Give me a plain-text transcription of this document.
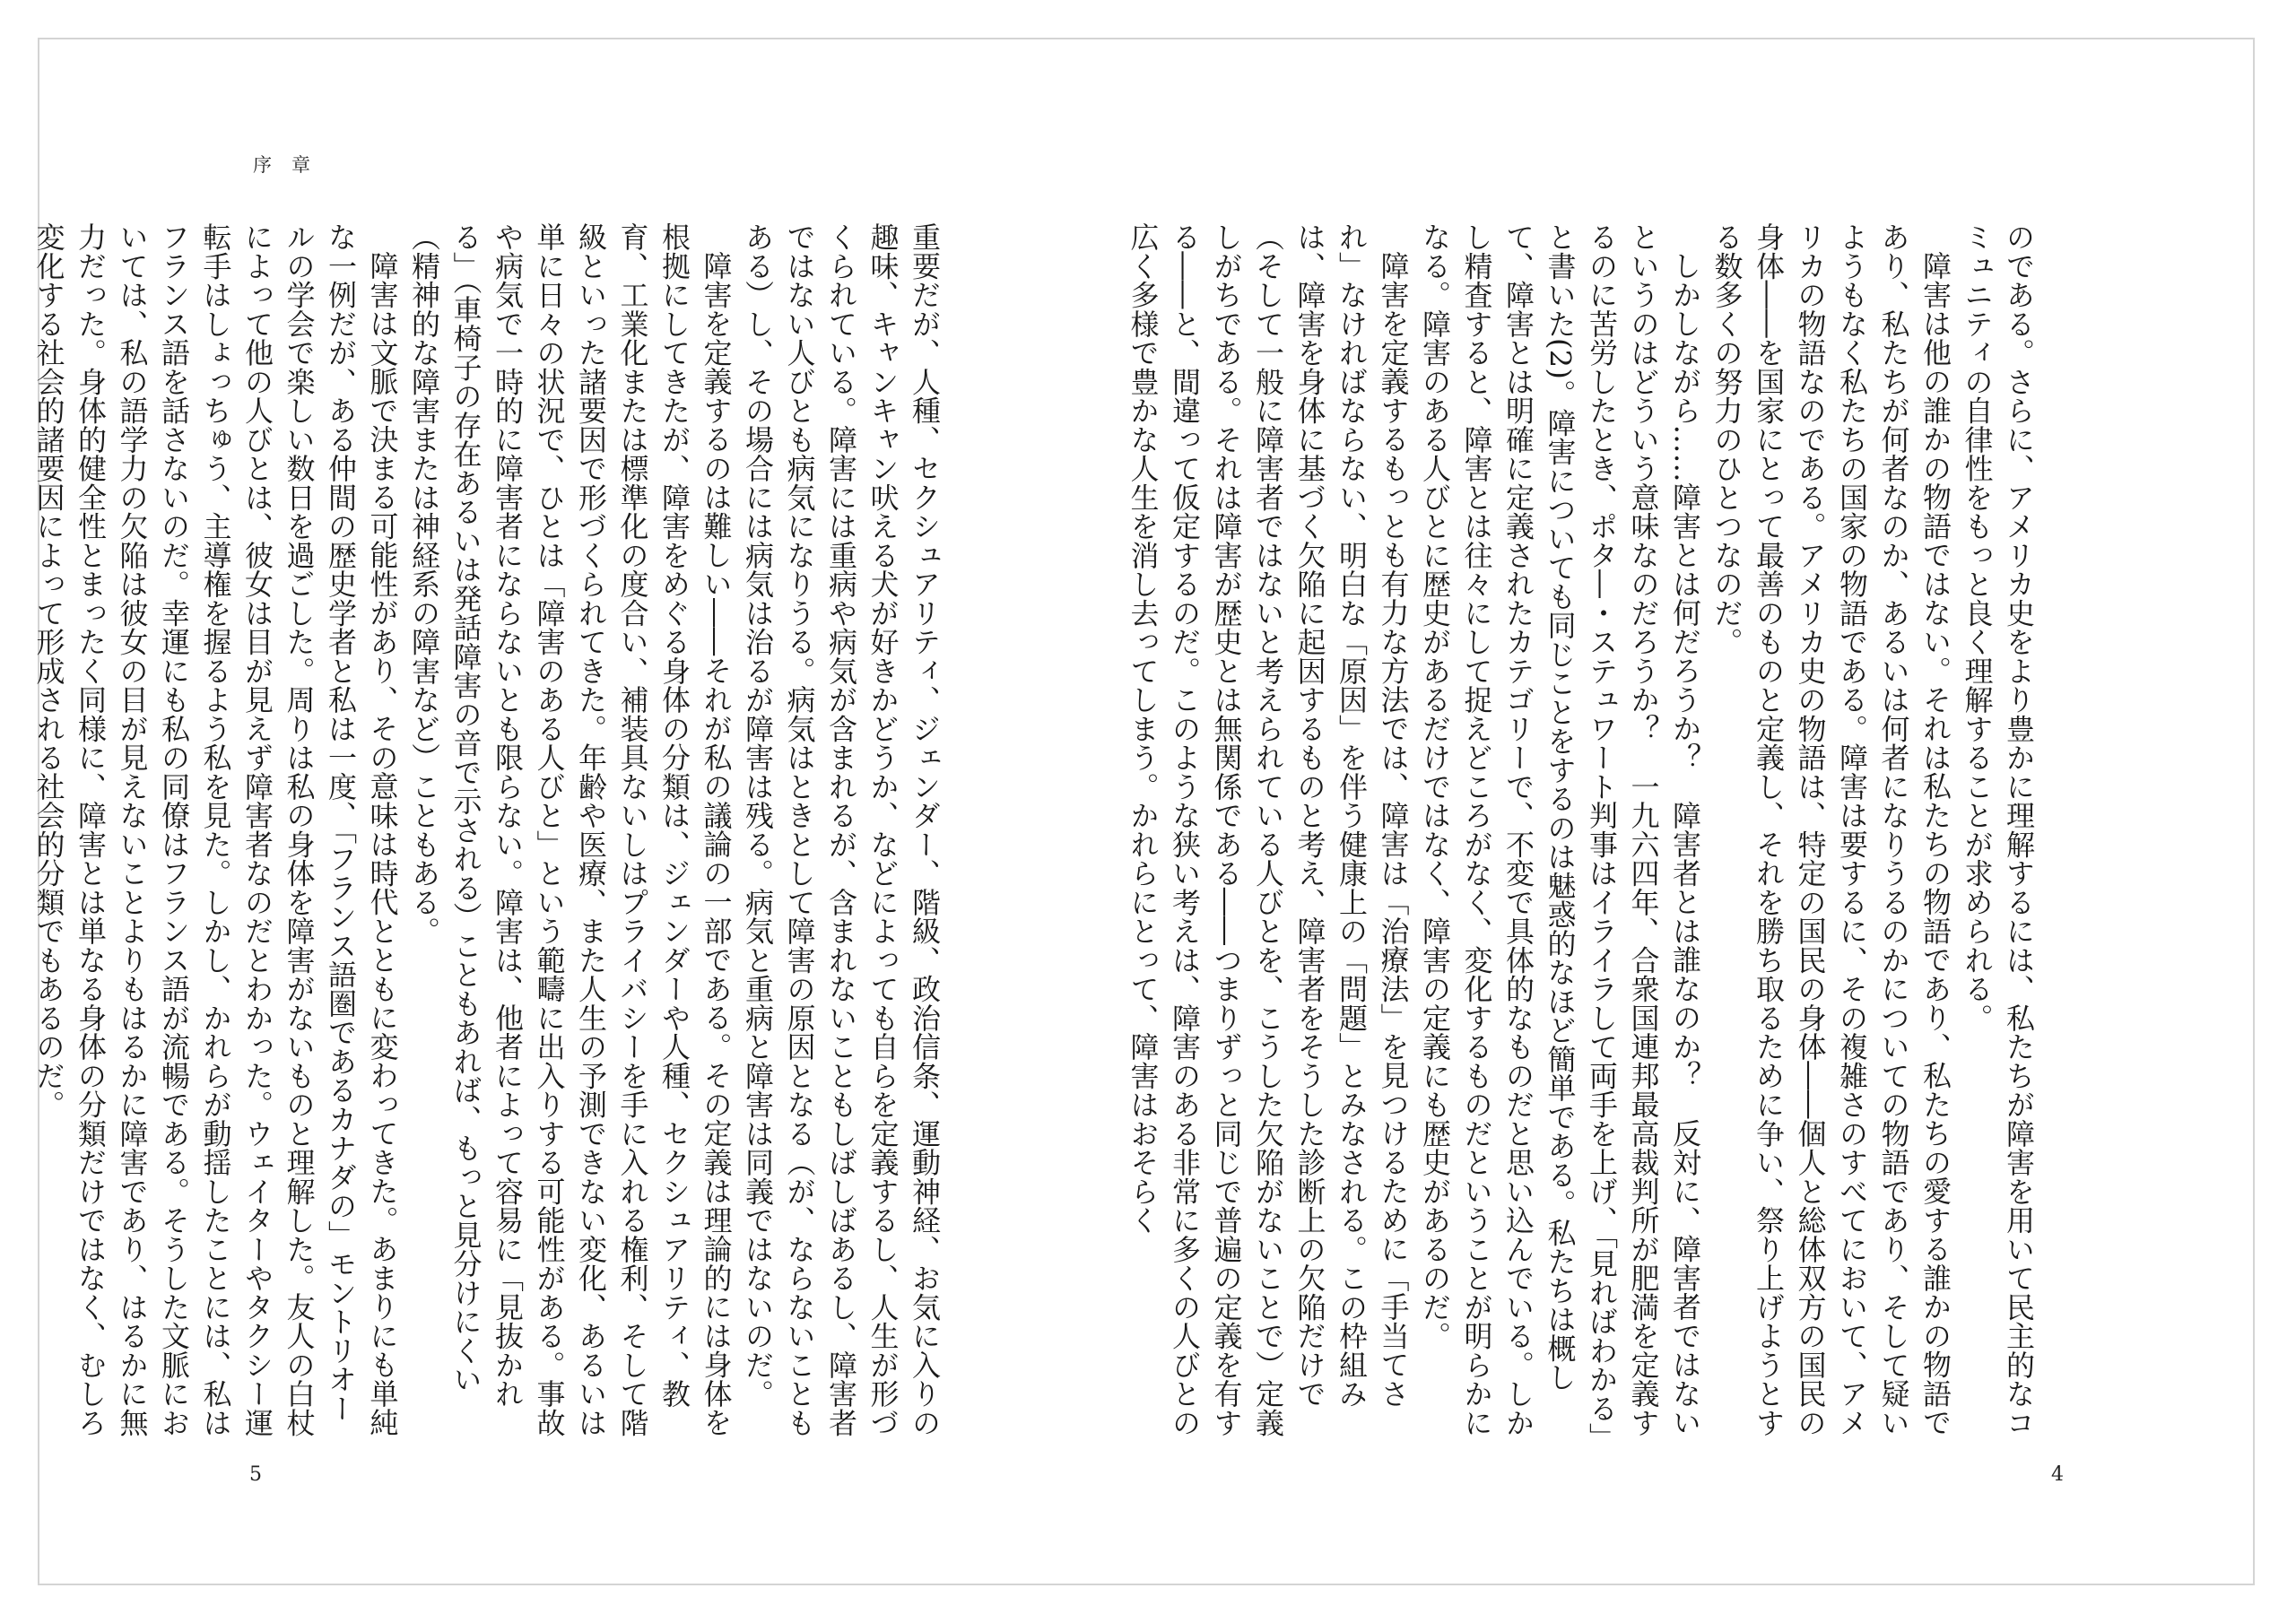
序章

重要だが、人種、セクシュアリティ、ジェンダー、階級、政治信条、運動神経、お気に入りの趣味、キャンキャン吠える犬が好きかどうか、などによっても自らを定義するし、人生が形づくられている。障害には重病や病気が含まれるが、含まれないこともしばしばあるし、障害者ではない人びとも病気になりうる。病気はときとして障害の原因となる（が、ならないこともある）し、その場合には病気は治るが障害は残る。病気と重病と障害は同義ではないのだ。

障害を定義するのは難しい――それが私の議論の一部である。その定義は理論的には身体を根拠にしてきたが、障害をめぐる身体の分類は、ジェンダーや人種、セクシュアリティ、教育、工業化または標準化の度合い、補装具ないしはプライバシーを手に入れる権利、そして階級といった諸要因で形づくられてきた。年齢や医療、また人生の予測できない変化、あるいは単に日々の状況で、ひとは「障害のある人びと」という範疇に出入りする可能性がある。事故や病気で一時的に障害者にならないとも限らない。障害は、他者によって容易に「見抜かれる」（車椅子の存在あるいは発話障害の音で示される）こともあれば、もっと見分けにくい（精神的な障害または神経系の障害など）こともある。

障害は文脈で決まる可能性があり、その意味は時代とともに変わってきた。あまりにも単純な一例だが、ある仲間の歴史学者と私は一度、「フランス語圏であるカナダの」モントリオールの学会で楽しい数日を過ごした。周りは私の身体を障害がないものと理解した。友人の白杖によって他の人びとは、彼女は目が見えず障害者なのだとわかった。ウェイターやタクシー運転手はしょっちゅう、主導権を握るよう私を見た。しかし、かれらが動揺したことには、私はフランス語を話さないのだ。幸運にも私の同僚はフランス語が流暢である。そうした文脈においては、私の語学力の欠陥は彼女の目が見えないことよりもはるかに障害であり、はるかに無力だった。身体的健全性とまったく同様に、障害とは単なる身体の分類だけではなく、むしろ変化する社会的諸要因によって形成される社会的分類でもあるのだ。

5

のである。さらに、アメリカ史をより豊かに理解するには、私たちが障害を用いて民主的なコミュニティの自律性をもっと良く理解することが求められる。

障害は他の誰かの物語ではない。それは私たちの物語であり、私たちの愛する誰かの物語であり、私たちが何者なのか、あるいは何者になりうるのかについての物語であり、そして疑いようもなく私たちの国家の物語である。障害は要するに、その複雑さのすべてにおいて、アメリカの物語なのである。アメリカ史の物語は、特定の国民の身体――個人と総体双方の国民の身体――を国家にとって最善のものと定義し、それを勝ち取るために争い、祭り上げようとする数多くの努力のひとつなのだ。

しかしながら……障害とは何だろうか？　障害者とは誰なのか？　反対に、障害者ではないというのはどういう意味なのだろうか？　一九六四年、合衆国連邦最高裁判所が肥満を定義するのに苦労したとき、ポタ―・ステュワート判事はイライラして両手を上げ、「見ればわかる」と書いた(2)。障害についても同じことをするのは魅惑的なほど簡単である。私たちは概して、障害とは明確に定義されたカテゴリーで、不変で具体的なものだと思い込んでいる。しかし精査すると、障害とは往々にして捉えどころがなく、変化するものだということが明らかになる。障害のある人びとに歴史があるだけではなく、障害の定義にも歴史があるのだ。

障害を定義するもっとも有力な方法では、障害は「治療法」を見つけるために「手当てされ」なければならない、明白な「原因」を伴う健康上の「問題」とみなされる。この枠組みは、障害を身体に基づく欠陥に起因するものと考え、障害者をそうした診断上の欠陥だけで（そして一般に障害者ではないと考えられている人びとを、こうした欠陥がないことで）定義しがちである。それは障害が歴史とは無関係である――つまりずっと同じで普遍の定義を有する――と、間違って仮定するのだ。このような狭い考えは、障害のある非常に多くの人びとの広く多様で豊かな人生を消し去ってしまう。かれらにとって、障害はおそらく

4
